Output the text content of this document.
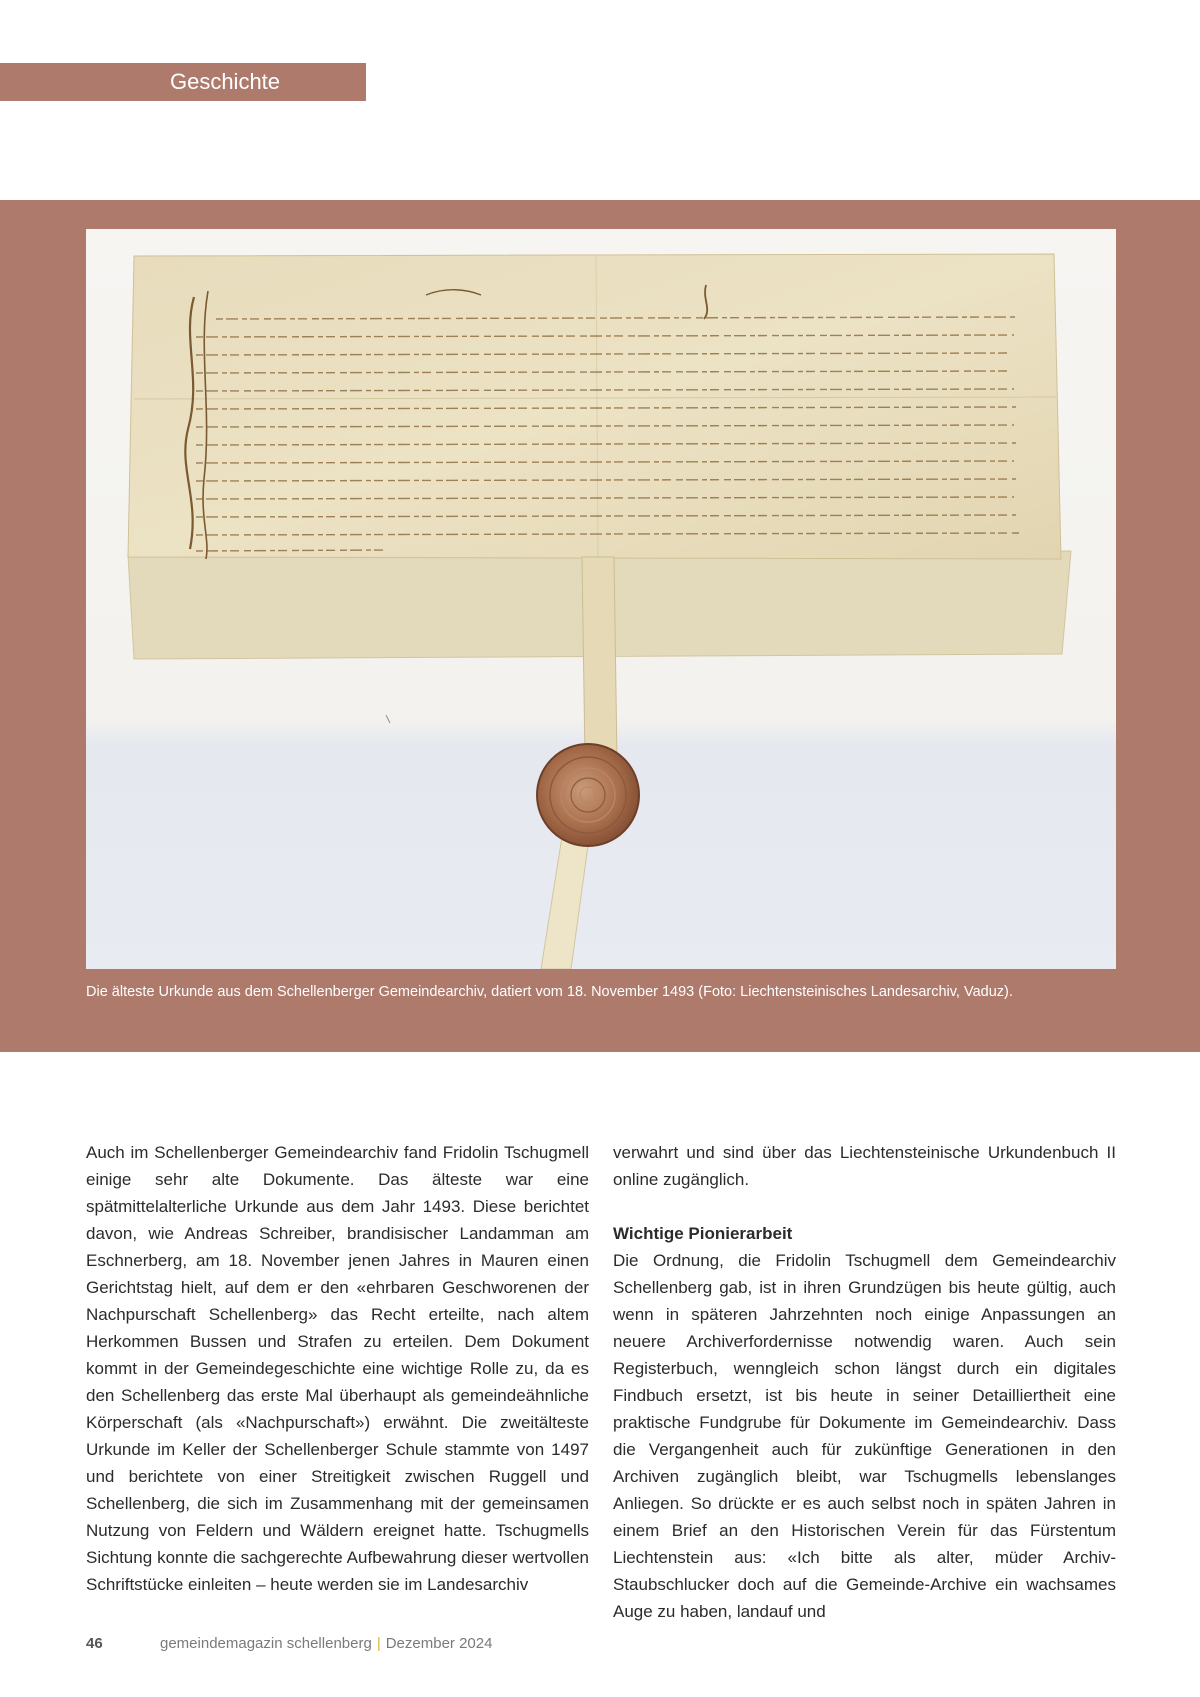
Geschichte
Die älteste Urkunde aus dem Schellenberger Gemeindearchiv, datiert vom 18. November 1493 (Foto: Liechtensteinisches Landesarchiv, Vaduz).

Auch im Schellenberger Gemeindearchiv fand Fridolin Tschugmell einige sehr alte Dokumente. Das älteste war eine spätmittelalterliche Urkunde aus dem Jahr 1493. Diese berichtet davon, wie Andreas Schreiber, brandisischer Landamman am Eschnerberg, am 18. November jenen Jahres in Mauren einen Gerichtstag hielt, auf dem er den «ehrbaren Geschworenen der Nachpurschaft Schellenberg» das Recht erteilte, nach altem Herkommen Bussen und Strafen zu erteilen. Dem Dokument kommt in der Gemeindegeschichte eine wichtige Rolle zu, da es den Schellenberg das erste Mal überhaupt als gemeindeähnliche Körperschaft (als «Nachpurschaft») erwähnt. Die zweitälteste Urkunde im Keller der Schellenberger Schule stammte von 1497 und berichtete von einer Streitigkeit zwischen Ruggell und Schellenberg, die sich im Zusammenhang mit der gemeinsamen Nutzung von Feldern und Wäldern ereignet hatte. Tschugmells Sichtung konnte die sachgerechte Aufbewahrung dieser wertvollen Schriftstücke einleiten – heute werden sie im Landesarchiv

verwahrt und sind über das Liechtensteinische Urkundenbuch II online zugänglich.

Wichtige Pionierarbeit

Die Ordnung, die Fridolin Tschugmell dem Gemeindearchiv Schellenberg gab, ist in ihren Grundzügen bis heute gültig, auch wenn in späteren Jahrzehnten noch einige Anpassungen an neuere Archiverfordernisse notwendig waren. Auch sein Registerbuch, wenngleich schon längst durch ein digitales Findbuch ersetzt, ist bis heute in seiner Detailliertheit eine praktische Fundgrube für Dokumente im Gemeindearchiv. Dass die Vergangenheit auch für zukünftige Generationen in den Archiven zugänglich bleibt, war Tschugmells lebenslanges Anliegen. So drückte er es auch selbst noch in späten Jahren in einem Brief an den Historischen Verein für das Fürstentum Liechtenstein aus: «Ich bitte als alter, müder Archiv-Staubschlucker doch auf die Gemeinde-Archive ein wachsames Auge zu haben, landauf und

46	gemeindemagazin schellenberg | Dezember 2024
